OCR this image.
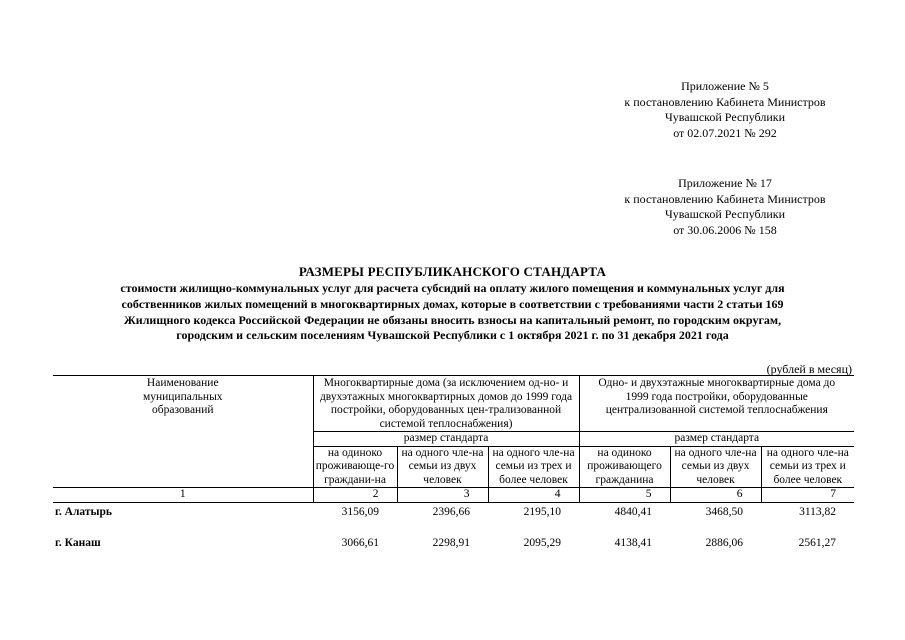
Приложение № 5
к постановлению Кабинета Министров
Чувашской Республики
от 02.07.2021 № 292
Приложение № 17
к постановлению Кабинета Министров
Чувашской Республики
от 30.06.2006 № 158
РАЗМЕРЫ РЕСПУБЛИКАНСКОГО СТАНДАРТА
стоимости жилищно-коммунальных услуг для расчета субсидий на оплату жилого помещения и коммунальных услуг для
собственников жилых помещений в многоквартирных домах, которые в соответствии с требованиями части 2 статьи 169
Жилищного кодекса Российской Федерации не обязаны вносить взносы на капитальный ремонт, по городским округам,
городским и сельским поселениям Чувашской Республики с 1 октября 2021 г. по 31 декабря 2021 года
(рублей в месяц)
Наименование муниципальных образований	Многоквартирные дома (за исключением од-но- и двухэтажных многоквартирных домов до 1999 года постройки, оборудованных цен-трализованной системой теплоснабжения)			Одно- и двухэтажные многоквартирные дома до 1999 года постройки, оборудованные централизованной системой теплоснабжения		
	размер стандарта			размер стандарта		
	на одиноко проживающе-го граждани-на	на одного чле-на семьи из двух человек	на одного чле-на семьи из трех и более человек	на одиноко проживающего гражданина	на одного чле-на семьи из двух человек	на одного чле-на семьи из трех и более человек
1	2	3	4	5	6	7
г. Алатырь	3156,09	2396,66	2195,10	4840,41	3468,50	3113,82
г. Канаш	3066,61	2298,91	2095,29	4138,41	2886,06	2561,27
